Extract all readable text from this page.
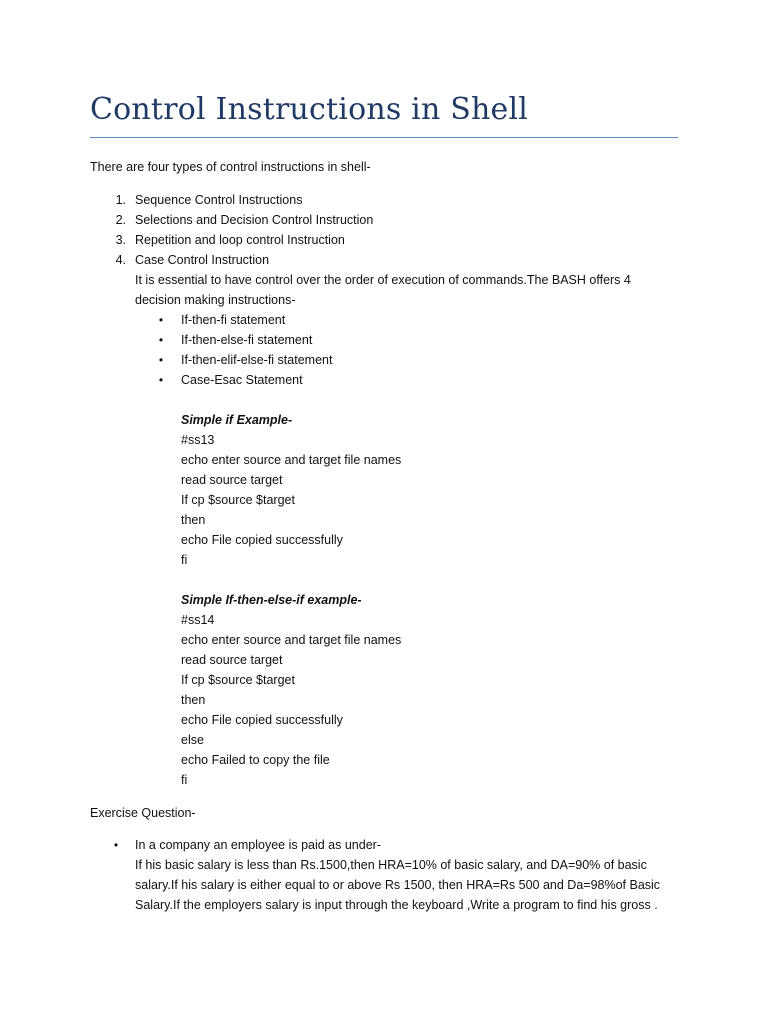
Control Instructions in Shell
There are four types of control instructions in shell-
1. Sequence Control Instructions
2. Selections and Decision Control Instruction
3. Repetition and loop control Instruction
4. Case Control Instruction
It is essential to have control over the order of execution of commands.The BASH offers 4
decision making instructions-
• If-then-fi statement
• If-then-else-fi statement
• If-then-elif-else-fi statement
• Case-Esac Statement
Simple if Example-
#ss13
echo enter source and target file names
read source target
If cp $source $target
then
echo File copied successfully
fi
Simple If-then-else-if example-
#ss14
echo enter source and target file names
read source target
If cp $source $target
then
echo File copied successfully
else
echo Failed to copy the file
fi
Exercise Question-
• In a company an employee is paid as under-
If his basic salary is less than Rs.1500,then HRA=10% of basic salary, and DA=90% of basic
salary.If his salary is either equal to or above Rs 1500, then HRA=Rs 500 and Da=98%of Basic
Salary.If the employers salary is input through the keyboard ,Write a program to find his gross .
